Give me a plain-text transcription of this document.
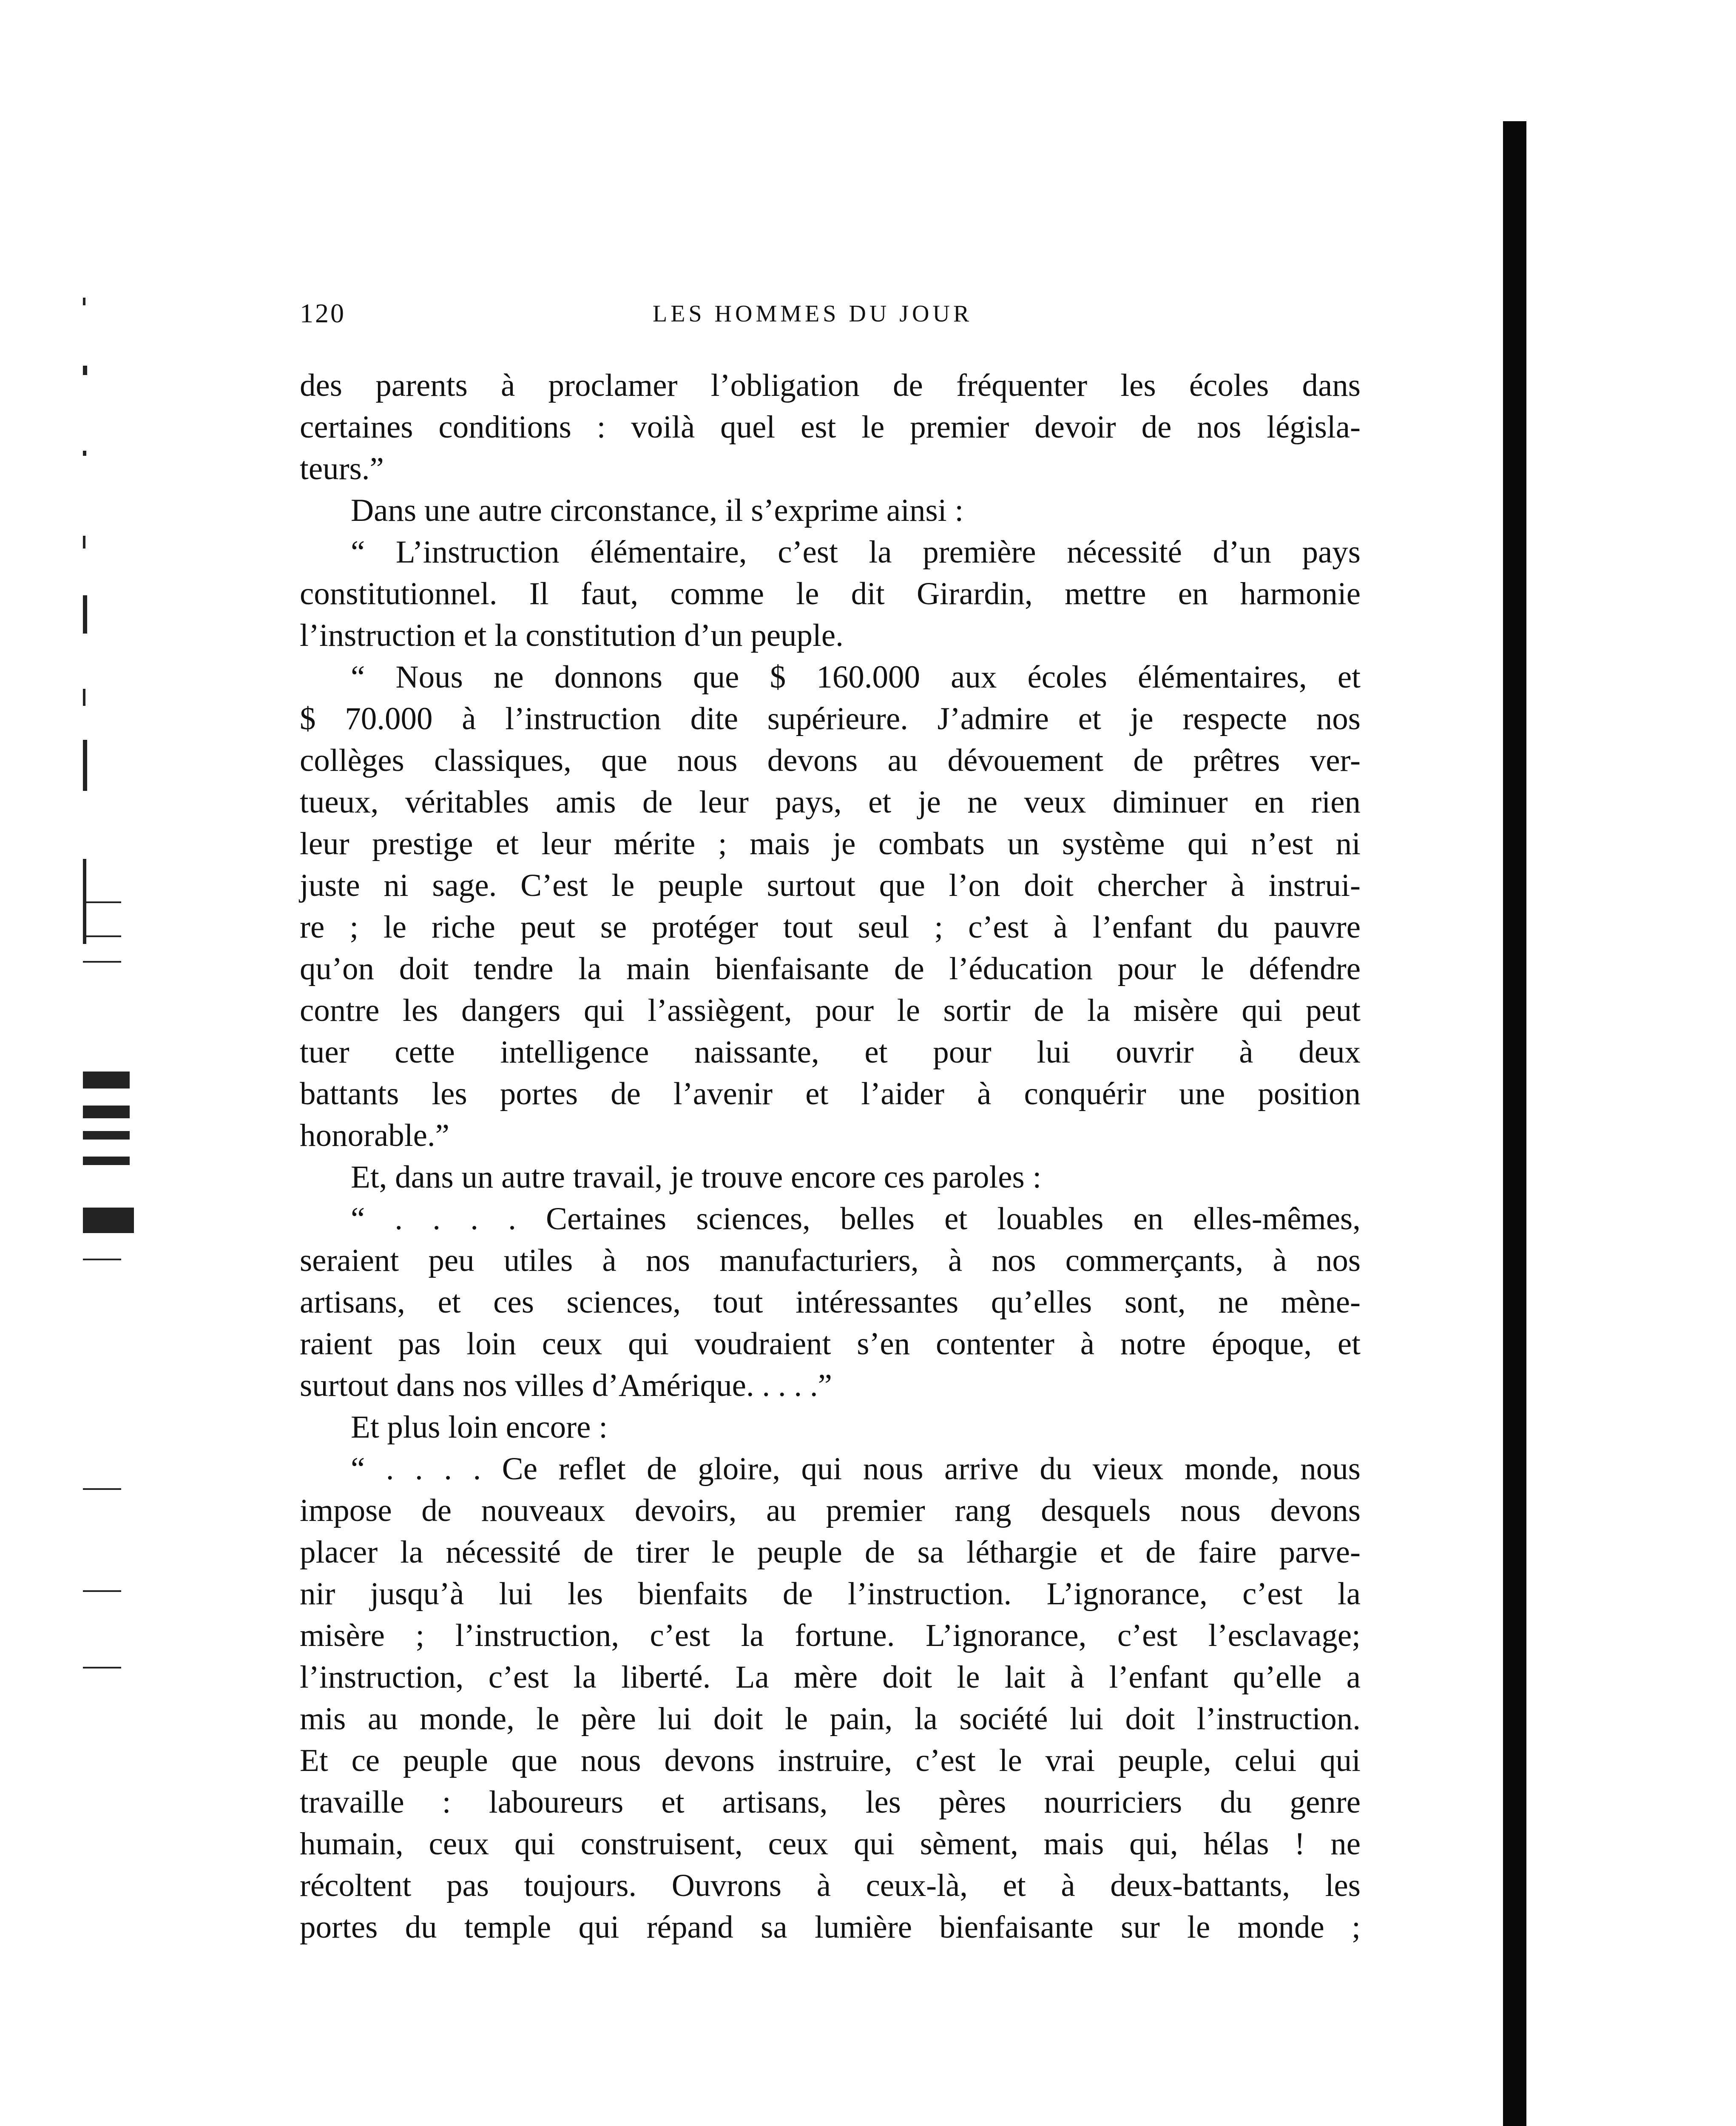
120	LES HOMMES DU JOUR
des parents à proclamer l’obligation de fréquenter les écoles dans
certaines conditions : voilà quel est le premier devoir de nos législa-
teurs.”
Dans une autre circonstance, il s’exprime ainsi :
“ L’instruction élémentaire, c’est la première nécessité d’un pays
constitutionnel. Il faut, comme le dit Girardin, mettre en harmonie
l’instruction et la constitution d’un peuple.
“ Nous ne donnons que $ 160.000 aux écoles élémentaires, et
$ 70.000 à l’instruction dite supérieure. J’admire et je respecte nos
collèges classiques, que nous devons au dévouement de prêtres ver-
tueux, véritables amis de leur pays, et je ne veux diminuer en rien
leur prestige et leur mérite ; mais je combats un système qui n’est ni
juste ni sage. C’est le peuple surtout que l’on doit chercher à instrui-
re ; le riche peut se protéger tout seul ; c’est à l’enfant du pauvre
qu’on doit tendre la main bienfaisante de l’éducation pour le défendre
contre les dangers qui l’assiègent, pour le sortir de la misère qui peut
tuer cette intelligence naissante, et pour lui ouvrir à deux
battants les portes de l’avenir et l’aider à conquérir une position
honorable.”
Et, dans un autre travail, je trouve encore ces paroles :
“ . . . . Certaines sciences, belles et louables en elles-mêmes,
seraient peu utiles à nos manufacturiers, à nos commerçants, à nos
artisans, et ces sciences, tout intéressantes qu’elles sont, ne mène-
raient pas loin ceux qui voudraient s’en contenter à notre époque, et
surtout dans nos villes d’Amérique. . . . .”
Et plus loin encore :
“ . . . . Ce reflet de gloire, qui nous arrive du vieux monde, nous
impose de nouveaux devoirs, au premier rang desquels nous devons
placer la nécessité de tirer le peuple de sa léthargie et de faire parve-
nir jusqu’à lui les bienfaits de l’instruction. L’ignorance, c’est la
misère ; l’instruction, c’est la fortune. L’ignorance, c’est l’esclavage;
l’instruction, c’est la liberté. La mère doit le lait à l’enfant qu’elle a
mis au monde, le père lui doit le pain, la société lui doit l’instruction.
Et ce peuple que nous devons instruire, c’est le vrai peuple, celui qui
travaille : laboureurs et artisans, les pères nourriciers du genre
humain, ceux qui construisent, ceux qui sèment, mais qui, hélas ! ne
récoltent pas toujours. Ouvrons à ceux-là, et à deux-battants, les
portes du temple qui répand sa lumière bienfaisante sur le monde ;
